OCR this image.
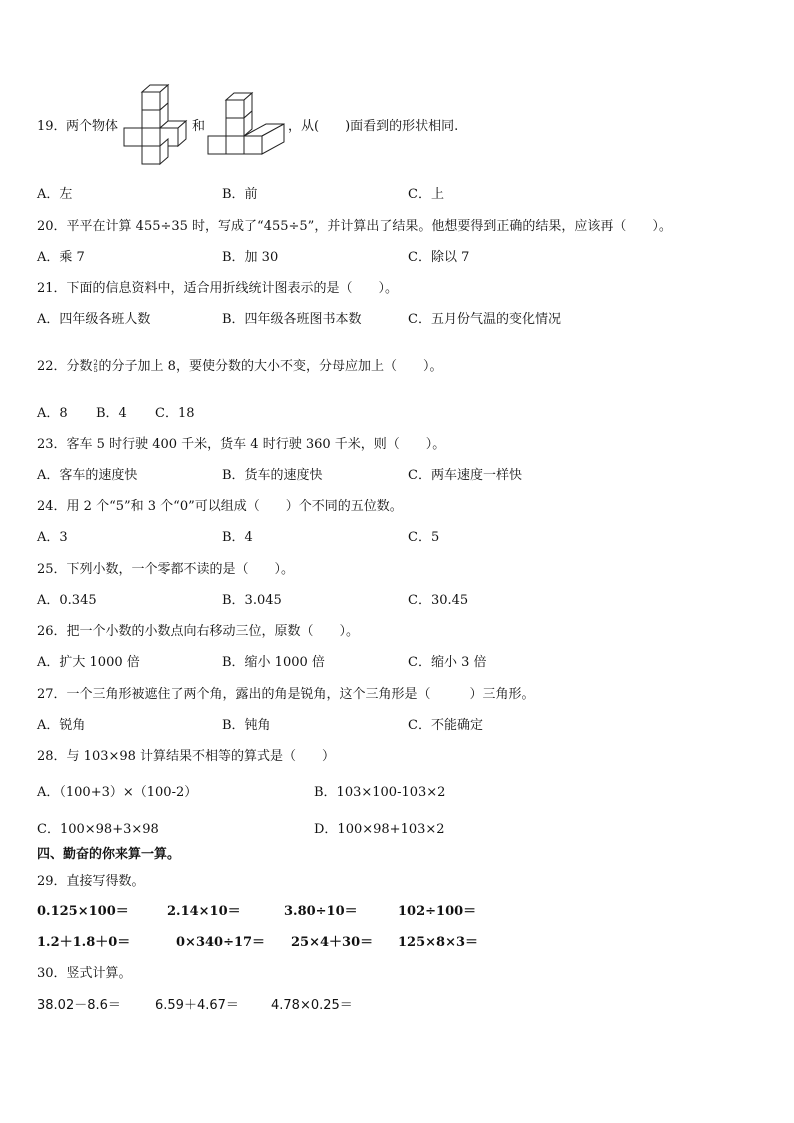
19． 两个物体	和	，从(　　)面看到的形状相同.
A．左	B．前	C．上
20．平平在计算 455÷35 时，写成了“455÷5”，并计算出了结果。他想要得到正确的结果，应该再（　　）。
A．乘 7	B．加 30	C．除以 7
21．下面的信息资料中，适合用折线统计图表示的是（　　）。
A．四年级各班人数	B．四年级各班图书本数	C．五月份气温的变化情况
22．分数 2
5 的分子加上 8，要使分数的大小不变，分母应加上（　　）。
A．8 B．4 C．18
23．客车 5 时行驶 400 千米，货车 4 时行驶 360 千米，则（　　）。
A．客车的速度快	B．货车的速度快	C．两车速度一样快
24．用 2 个“5”和 3 个“0”可以组成（　　）个不同的五位数。
A．3	B．4	C．5
25．下列小数，一个零都不读的是（　　）。
A．0.345	B．3.045	C．30.45
26．把一个小数的小数点向右移动三位，原数（　　）。
A．扩大 1000 倍	B．缩小 1000 倍	C．缩小 3 倍
27．一个三角形被遮住了两个角，露出的角是锐角，这个三角形是（　　　）三角形。
A．锐角	B．钝角	C．不能确定
28．与 103×98 计算结果不相等的算式是（　　）
A．（100+3）×（100-2）	B．103×100-103×2
C．100×98+3×98	D．100×98+103×2
四、勤奋的你来算一算。
29．直接写得数。
0.125×100＝	2.14×10＝	3.80÷10＝	102÷100＝
1.2＋1.8＋0＝	0×340÷17＝ 25×4＋30＝ 125×8×3＝
30．竖式计算。
38.02－8.6＝	6.59＋4.67＝ 4.78×0.25＝
